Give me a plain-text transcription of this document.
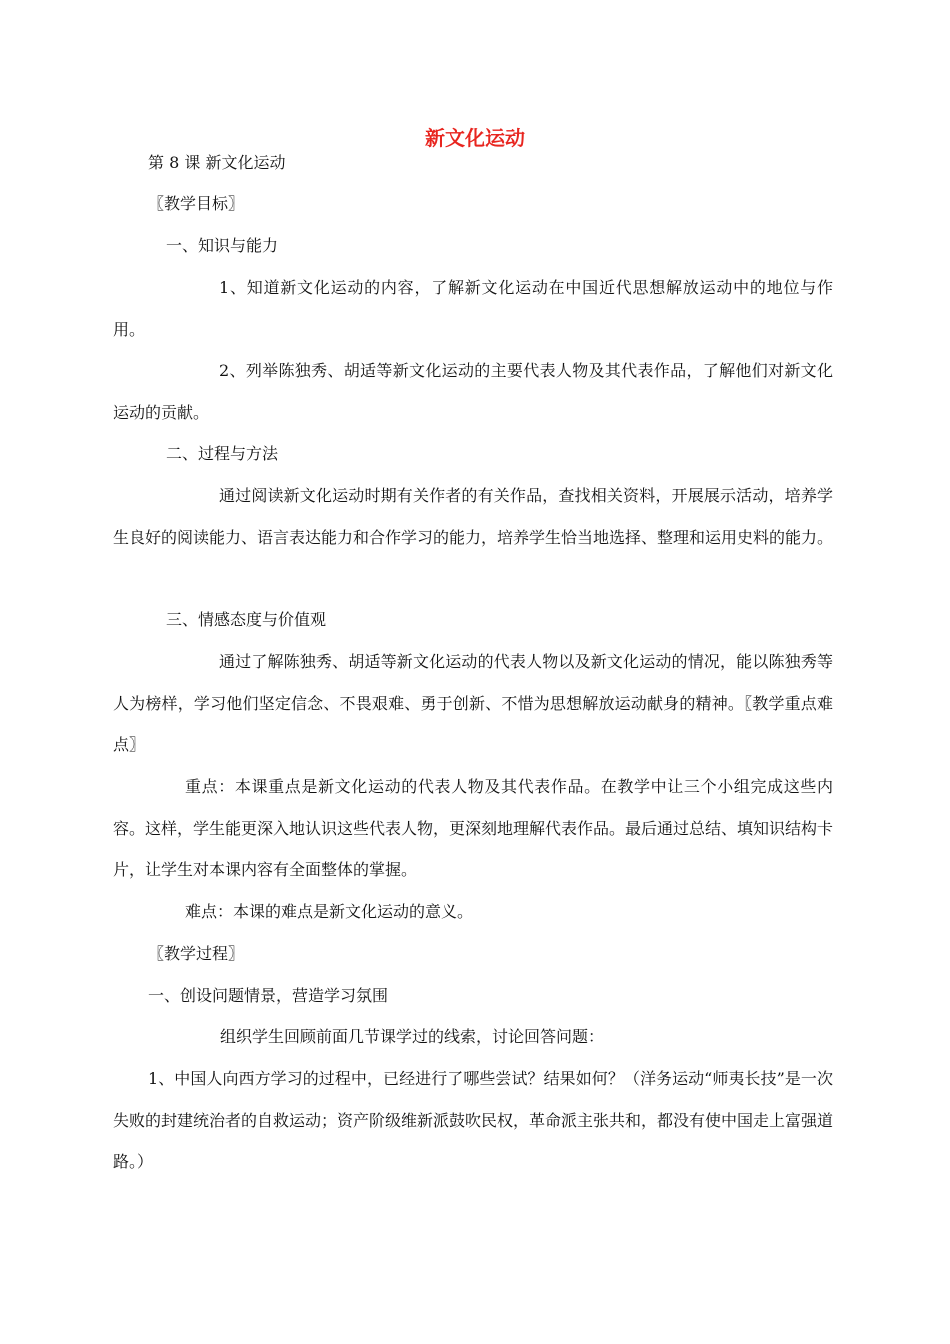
新文化运动
第 8 课 新文化运动
〖教学目标〗
一、知识与能力
1、知道新文化运动的内容，了解新文化运动在中国近代思想解放运动中的地位与作用。
2、列举陈独秀、胡适等新文化运动的主要代表人物及其代表作品，了解他们对新文化运动的贡献。
二、过程与方法
通过阅读新文化运动时期有关作者的有关作品，查找相关资料，开展展示活动，培养学生良好的阅读能力、语言表达能力和合作学习的能力，培养学生恰当地选择、整理和运用史料的能力。
三、情感态度与价值观
通过了解陈独秀、胡适等新文化运动的代表人物以及新文化运动的情况，能以陈独秀等人为榜样，学习他们坚定信念、不畏艰难、勇于创新、不惜为思想解放运动献身的精神。〖教学重点难点〗
重点：本课重点是新文化运动的代表人物及其代表作品。在教学中让三个小组完成这些内容。这样，学生能更深入地认识这些代表人物，更深刻地理解代表作品。最后通过总结、填知识结构卡片，让学生对本课内容有全面整体的掌握。
难点：本课的难点是新文化运动的意义。
〖教学过程〗
一、创设问题情景，营造学习氛围
组织学生回顾前面几节课学过的线索，讨论回答问题：
1、中国人向西方学习的过程中，已经进行了哪些尝试？结果如何？（洋务运动“师夷长技”是一次失败的封建统治者的自救运动；资产阶级维新派鼓吹民权，革命派主张共和，都没有使中国走上富强道路。）
